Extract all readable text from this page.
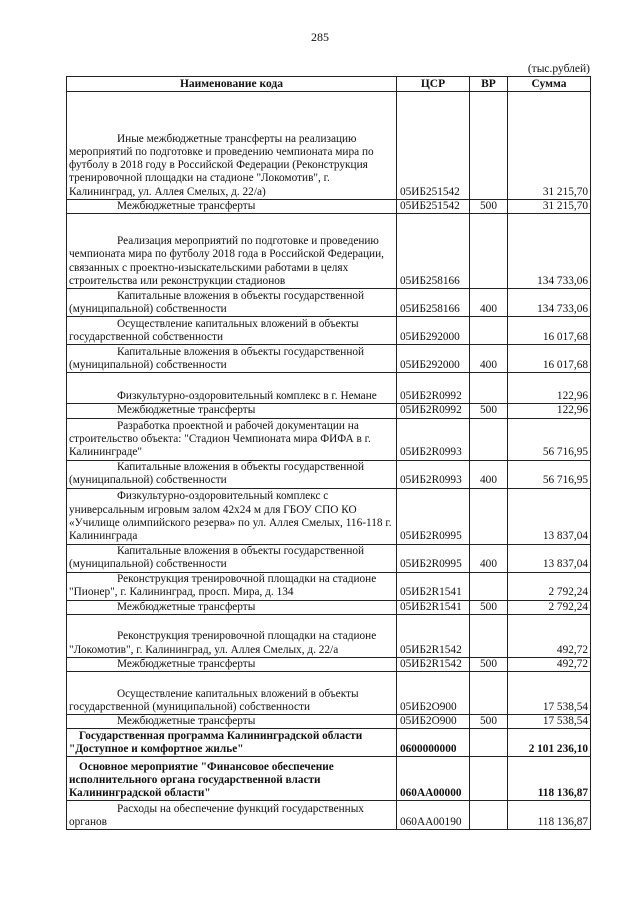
285
(тыс.рублей)
Наименование кода	ЦСР	ВР	Сумма
Иные межбюджетные трансферты на реализацию мероприятий по подготовке и проведению чемпионата мира по футболу в 2018 году в Российской Федерации (Реконструкция тренировочной площадки на стадионе "Локомотив", г. Калининград, ул. Аллея Смелых, д. 22/а)	05ИБ251542		31 215,70
Межбюджетные трансферты	05ИБ251542	500	31 215,70
Реализация мероприятий по подготовке и проведению чемпионата мира по футболу 2018 года в Российской Федерации, связанных с проектно-изыскательскими работами в целях строительства или реконструкции стадионов	05ИБ258166		134 733,06
Капитальные вложения в объекты государственной (муниципальной) собственности	05ИБ258166	400	134 733,06
Осуществление капитальных вложений в объекты государственной собственности	05ИБ292000		16 017,68
Капитальные вложения в объекты государственной (муниципальной) собственности	05ИБ292000	400	16 017,68
Физкультурно-оздоровительный комплекс в г. Немане	05ИБ2R0992		122,96
Межбюджетные трансферты	05ИБ2R0992	500	122,96
Разработка проектной и рабочей документации на строительство объекта: "Стадион Чемпионата мира ФИФА в г. Калининграде"	05ИБ2R0993		56 716,95
Капитальные вложения в объекты государственной (муниципальной) собственности	05ИБ2R0993	400	56 716,95
Физкультурно-оздоровительный комплекс с универсальным игровым залом 42х24 м для ГБОУ СПО КО «Училище олимпийского резерва» по ул. Аллея Смелых, 116-118 г. Калининграда	05ИБ2R0995		13 837,04
Капитальные вложения в объекты государственной (муниципальной) собственности	05ИБ2R0995	400	13 837,04
Реконструкция тренировочной площадки на стадионе "Пионер", г. Калининград, просп. Мира, д. 134	05ИБ2R1541		2 792,24
Межбюджетные трансферты	05ИБ2R1541	500	2 792,24
Реконструкция тренировочной площадки на стадионе "Локомотив", г. Калининград, ул. Аллея Смелых, д. 22/а	05ИБ2R1542		492,72
Межбюджетные трансферты	05ИБ2R1542	500	492,72
Осуществление капитальных вложений в объекты государственной (муниципальной) собственности	05ИБ2O900		17 538,54
Межбюджетные трансферты	05ИБ2O900	500	17 538,54
Государственная программа Калининградской области "Доступное и комфортное жилье"	0600000000		2 101 236,10
Основное мероприятие "Финансовое обеспечение исполнительного органа государственной власти Калининградской области"	060АА00000		118 136,87
Расходы на обеспечение функций государственных органов	060АА00190		118 136,87
